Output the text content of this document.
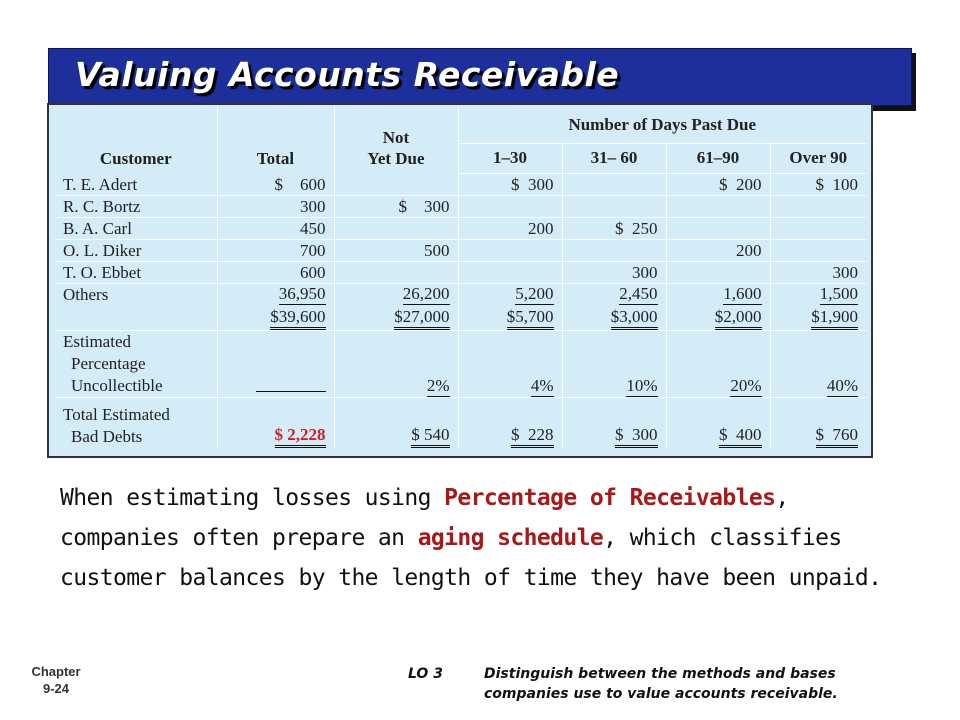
Valuing Accounts Receivable
Customer	Total	Not
Yet Due	Number of Days Past Due			
			1–30	31– 60	61–90	Over 90
T. E. Adert	$    600		$  300		$  200	$  100
R. C. Bortz	300	$    300				
B. A. Carl	450		200	$  250		
O. L. Diker	700	500			200	
T. O. Ebbet	600			300		300
Others	36,950	26,200	5,200	2,450	1,600	1,500
	$39,600	$27,000	$5,700	$3,000	$2,000	$1,900
Estimated
Percentage
Uncollectible		2%	4%	10%	20%	40%
Total Estimated
Bad Debts	$ 2,228	$ 540	$  228	$  300	$  400	$  760
When estimating losses using Percentage of Receivables, companies often prepare an aging schedule, which classifies customer balances by the length of time they have been unpaid.
Chapter
9-24
LO 3	Distinguish between the methods and bases
companies use to value accounts receivable.
